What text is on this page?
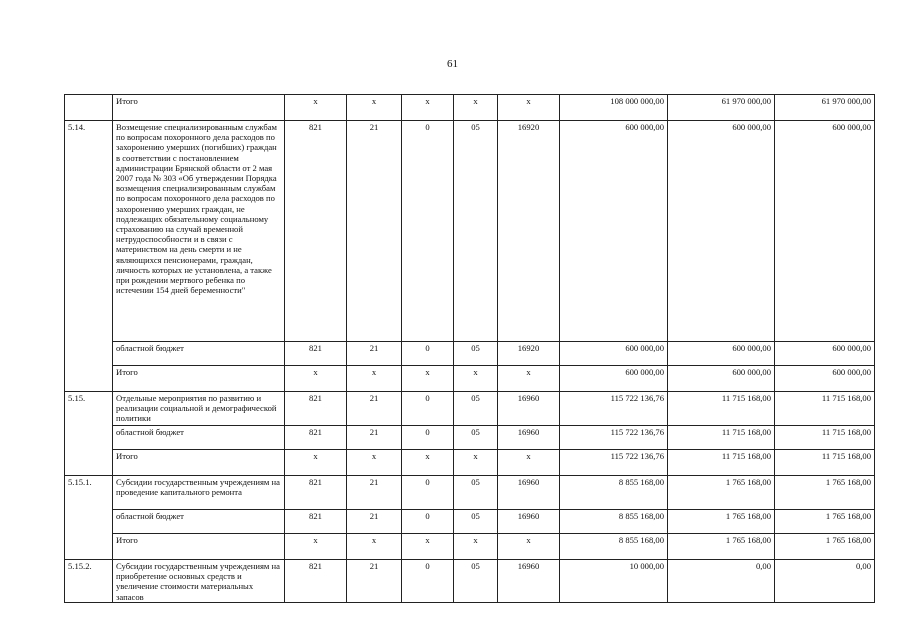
61
	Итого	х	х	х	х	х	108 000 000,00	61 970 000,00	61 970 000,00
5.14.	Возмещение специализированным службам по вопросам похоронного дела расходов по захоронению умерших (погибших) граждан в соответствии с постановлением администрации Брянской области от 2 мая 2007 года № 303 «Об утверждении Порядка возмещения специализированным службам по вопросам похоронного дела расходов по захоронению умерших граждан, не подлежащих обязательному социальному страхованию на случай временной нетрудоспособности и в связи с материнством на день смерти и не являющихся пенсионерами, граждан, личность которых не установлена, а также при рождении мертвого ребенка по истечении 154 дней беременности"	821	21	0	05	16920	600 000,00	600 000,00	600 000,00
	областной бюджет	821	21	0	05	16920	600 000,00	600 000,00	600 000,00
	Итого	х	х	х	х	х	600 000,00	600 000,00	600 000,00
5.15.	Отдельные мероприятия по развитию и реализации социальной и демографической политики	821	21	0	05	16960	115 722 136,76	11 715 168,00	11 715 168,00
	областной бюджет	821	21	0	05	16960	115 722 136,76	11 715 168,00	11 715 168,00
	Итого	х	х	х	х	х	115 722 136,76	11 715 168,00	11 715 168,00
5.15.1.	Субсидии государственным учреждениям на проведение капитального ремонта	821	21	0	05	16960	8 855 168,00	1 765 168,00	1 765 168,00
	областной бюджет	821	21	0	05	16960	8 855 168,00	1 765 168,00	1 765 168,00
	Итого	х	х	х	х	х	8 855 168,00	1 765 168,00	1 765 168,00
5.15.2.	Субсидии государственным учреждениям на приобретение основных средств и увеличение стоимости материальных запасов	821	21	0	05	16960	10 000,00	0,00	0,00
